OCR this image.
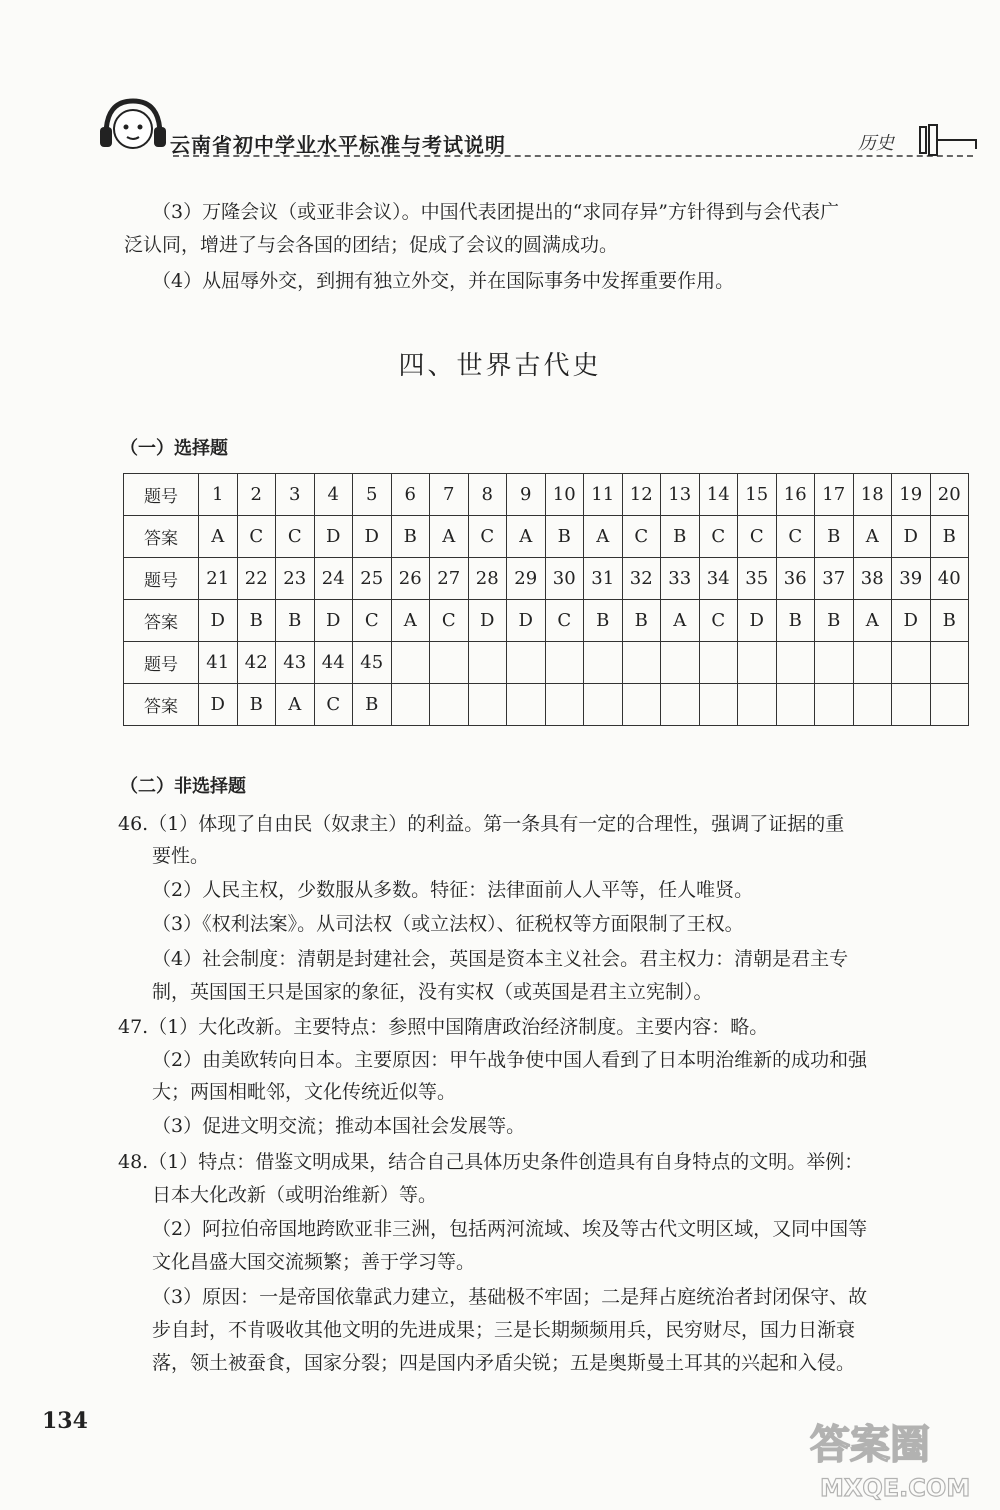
云南省初中学业水平标准与考试说明	历史
（3）万隆会议（或亚非会议）。中国代表团提出的“求同存异”方针得到与会代表广
泛认同，增进了与会各国的团结；促成了会议的圆满成功。
（4）从屈辱外交，到拥有独立外交，并在国际事务中发挥重要作用。
四、世界古代史
（一）选择题
题号	1	2	3	4	5	6	7	8	9	10	11	12	13	14	15	16	17	18	19	20
答案	A	C	C	D	D	B	A	C	A	B	A	C	B	C	C	C	B	A	D	B
题号	21	22	23	24	25	26	27	28	29	30	31	32	33	34	35	36	37	38	39	40
答案	D	B	B	D	C	A	C	D	D	C	B	B	A	C	D	B	B	A	D	B
题号	41	42	43	44	45															
答案	D	B	A	C	B															
（二）非选择题
46.（1）体现了自由民（奴隶主）的利益。第一条具有一定的合理性，强调了证据的重
要性。
（2）人民主权，少数服从多数。特征：法律面前人人平等，任人唯贤。
（3）《权利法案》。从司法权（或立法权）、征税权等方面限制了王权。
（4）社会制度：清朝是封建社会，英国是资本主义社会。君主权力：清朝是君主专
制，英国国王只是国家的象征，没有实权（或英国是君主立宪制）。
47.（1）大化改新。主要特点：参照中国隋唐政治经济制度。主要内容：略。
（2）由美欧转向日本。主要原因：甲午战争使中国人看到了日本明治维新的成功和强
大；两国相毗邻，文化传统近似等。
（3）促进文明交流；推动本国社会发展等。
48.（1）特点：借鉴文明成果，结合自己具体历史条件创造具有自身特点的文明。举例：
日本大化改新（或明治维新）等。
（2）阿拉伯帝国地跨欧亚非三洲，包括两河流域、埃及等古代文明区域，又同中国等
文化昌盛大国交流频繁；善于学习等。
（3）原因：一是帝国依靠武力建立，基础极不牢固；二是拜占庭统治者封闭保守、故
步自封，不肯吸收其他文明的先进成果；三是长期频频用兵，民穷财尽，国力日渐衰
落，领土被蚕食，国家分裂；四是国内矛盾尖锐；五是奥斯曼土耳其的兴起和入侵。
134
答案圈
MXQE.COM
